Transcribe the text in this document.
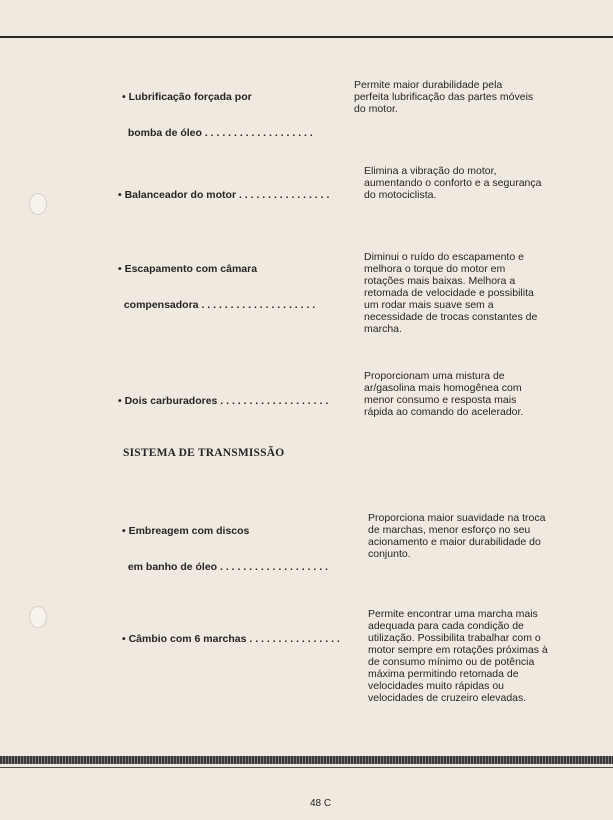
• Lubrificação forçada por

bomba de óleo . . . . . . . . . . . . . . . . . . .

Permite maior durabilidade pela perfeita lubrificação das partes móveis do motor.

• Balanceador do motor . . . . . . . . . . . . . . . .

Elimina a vibração do motor, aumentando o conforto e a segurança do motociclista.

• Escapamento com câmara

compensadora . . . . . . . . . . . . . . . . . . . .

Diminui o ruído do escapamento e melhora o torque do motor em rotações mais baixas. Melhora a retomada de velocidade e possibilita um rodar mais suave sem a necessidade de trocas constantes de marcha.

• Dois carburadores . . . . . . . . . . . . . . . . . . .

Proporcionam uma mistura de ar/gasolina mais homogênea com menor consumo e resposta mais rápida ao comando do acelerador.
SISTEMA DE TRANSMISSÃO

• Embreagem com discos

em banho de óleo . . . . . . . . . . . . . . . . . . .

Proporciona maior suavidade na troca de marchas, menor esforço no seu acionamento e maior durabilidade do conjunto.

• Câmbio com 6 marchas . . . . . . . . . . . . . . . .

Permite encontrar uma marcha mais adequada para cada condição de utilização. Possibilita trabalhar com o motor sempre em rotações próximas à de consumo mínimo ou de potência máxima permitindo retomada de velocidades muito rápidas ou velocidades de cruzeiro elevadas.
48 C
